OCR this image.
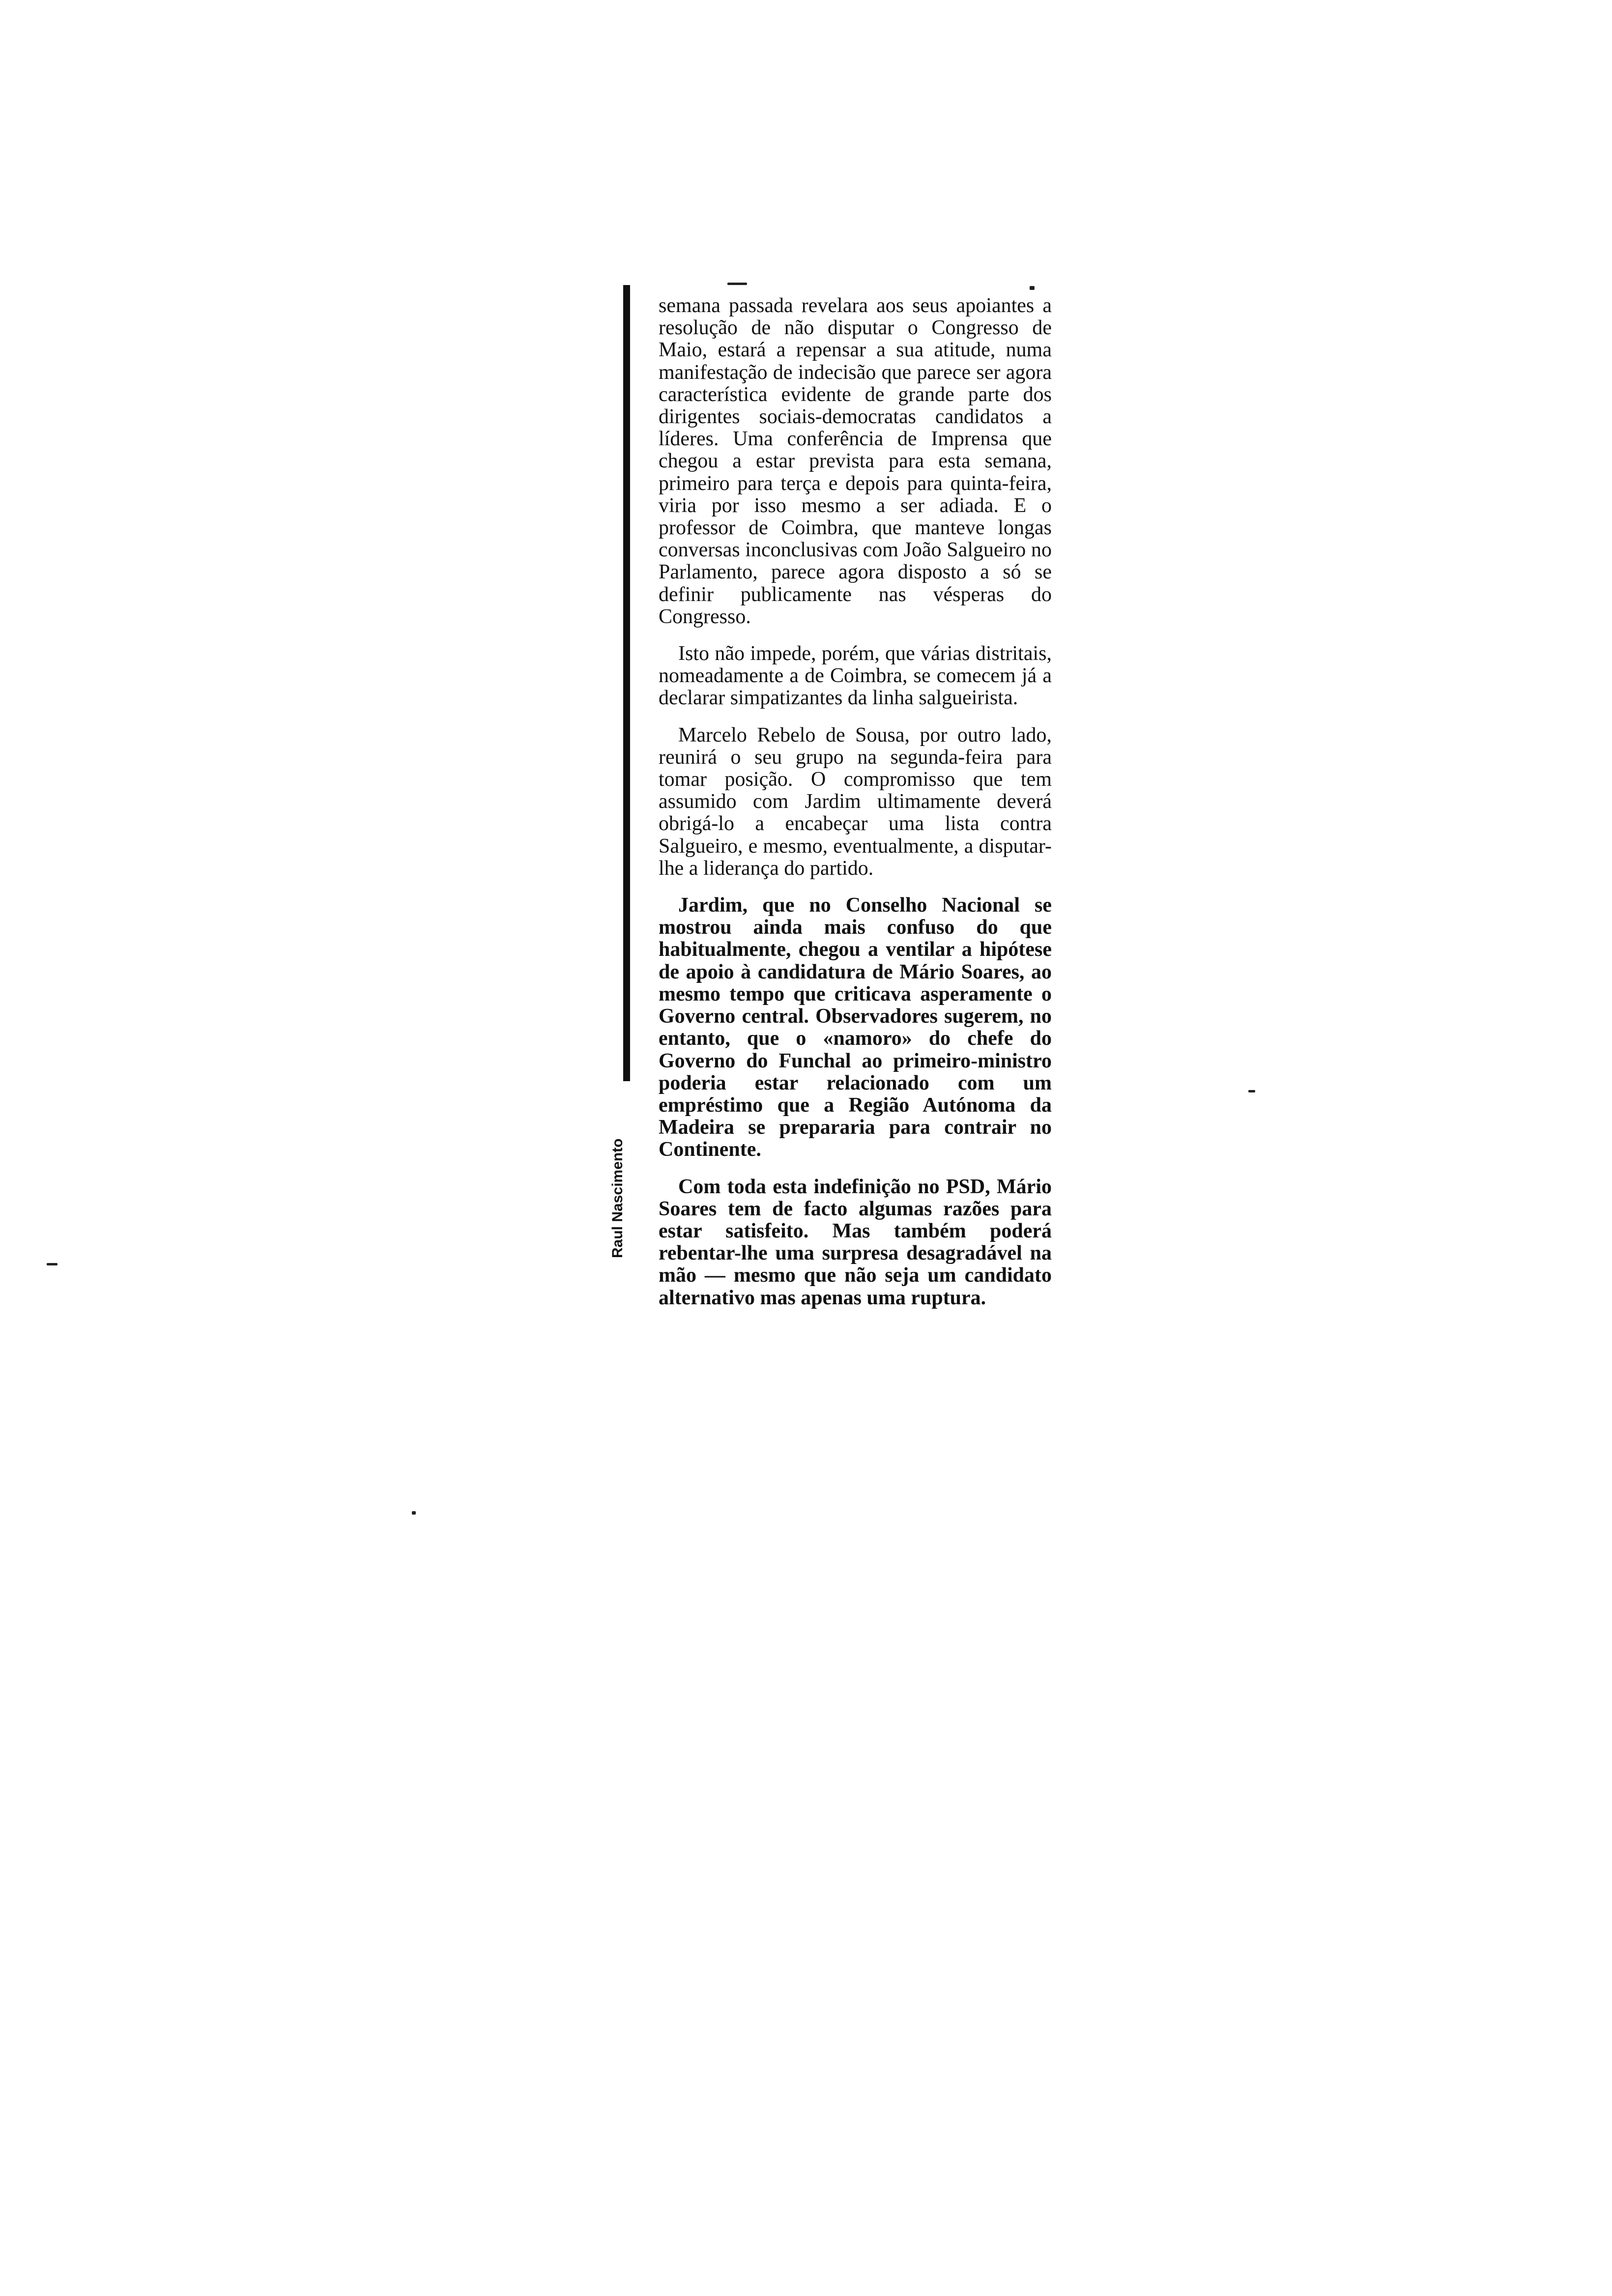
Raul Nascimento

semana passada revelara aos seus apoiantes a resolução de não disputar o Congresso de Maio, estará a repensar a sua atitude, numa manifestação de indecisão que parece ser agora característica evidente de grande parte dos dirigentes sociais-democratas candidatos a líderes. Uma conferência de Imprensa que chegou a estar prevista para esta semana, primeiro para terça e depois para quinta-feira, viria por isso mesmo a ser adiada. E o professor de Coimbra, que manteve longas conversas inconclusivas com João Salgueiro no Parlamento, parece agora disposto a só se definir publicamente nas vésperas do Congresso.

Isto não impede, porém, que várias distritais, nomeadamente a de Coimbra, se comecem já a declarar simpatizantes da linha salgueirista.

Marcelo Rebelo de Sousa, por outro lado, reunirá o seu grupo na segunda-feira para tomar posição. O compromisso que tem assumido com Jardim ultimamente deverá obrigá-lo a encabeçar uma lista contra Salgueiro, e mesmo, eventualmente, a disputar-lhe a liderança do partido.

Jardim, que no Conselho Nacional se mostrou ainda mais confuso do que habitualmente, chegou a ventilar a hipótese de apoio à candidatura de Mário Soares, ao mesmo tempo que criticava asperamente o Governo central. Observadores sugerem, no entanto, que o «namoro» do chefe do Governo do Funchal ao primeiro-ministro poderia estar relacionado com um empréstimo que a Região Autónoma da Madeira se prepararia para contrair no Continente.

Com toda esta indefinição no PSD, Mário Soares tem de facto algumas razões para estar satisfeito. Mas também poderá rebentar-lhe uma surpresa desagradável na mão — mesmo que não seja um candidato alternativo mas apenas uma ruptura.
